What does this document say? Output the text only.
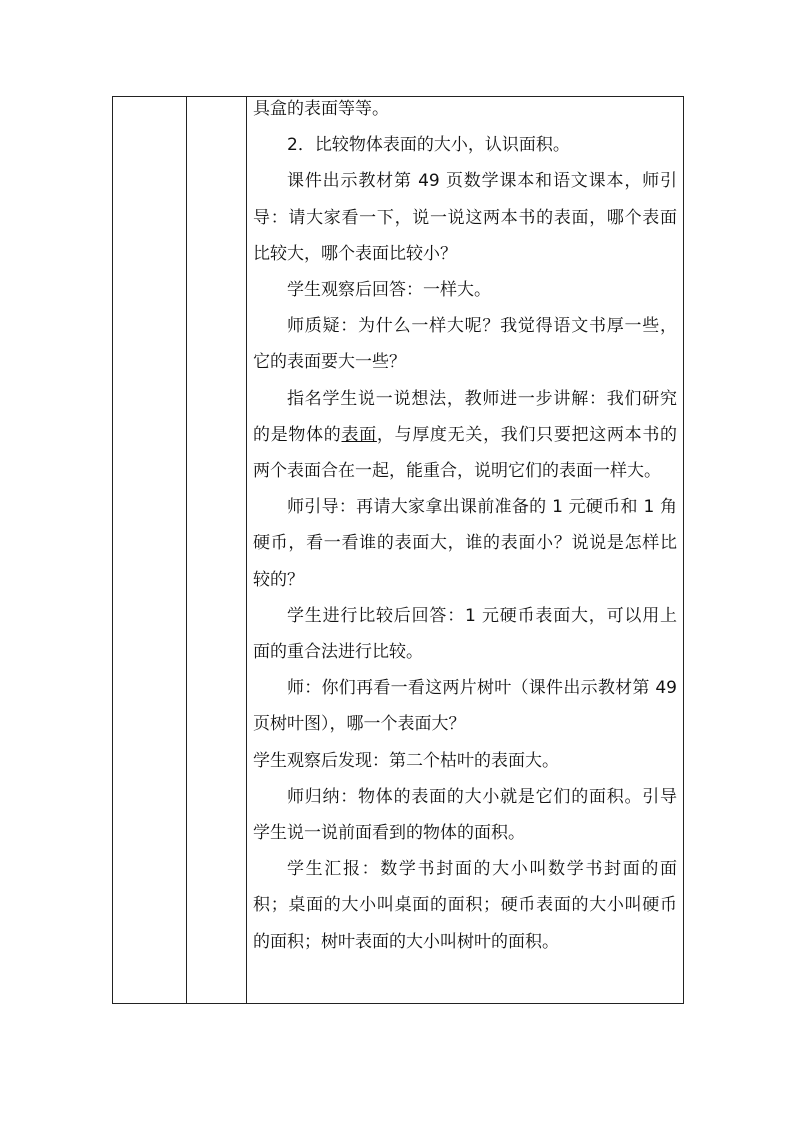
具盒的表面等等。

2．比较物体表面的大小，认识面积。

课件出示教材第 49 页数学课本和语文课本，师引导：请大家看一下，说一说这两本书的表面，哪个表面比较大，哪个表面比较小？

学生观察后回答：一样大。

师质疑：为什么一样大呢？我觉得语文书厚一些，它的表面要大一些？

指名学生说一说想法，教师进一步讲解：我们研究的是物体的表面，与厚度无关，我们只要把这两本书的两个表面合在一起，能重合，说明它们的表面一样大。

师引导：再请大家拿出课前准备的 1 元硬币和 1 角硬币，看一看谁的表面大，谁的表面小？说说是怎样比较的？

学生进行比较后回答：1 元硬币表面大，可以用上面的重合法进行比较。

师：你们再看一看这两片树叶（课件出示教材第 49 页树叶图），哪一个表面大？

学生观察后发现：第二个枯叶的表面大。

师归纳：物体的表面的大小就是它们的面积。引导学生说一说前面看到的物体的面积。

学生汇报：数学书封面的大小叫数学书封面的面积；桌面的大小叫桌面的面积；硬币表面的大小叫硬币的面积；树叶表面的大小叫树叶的面积。
